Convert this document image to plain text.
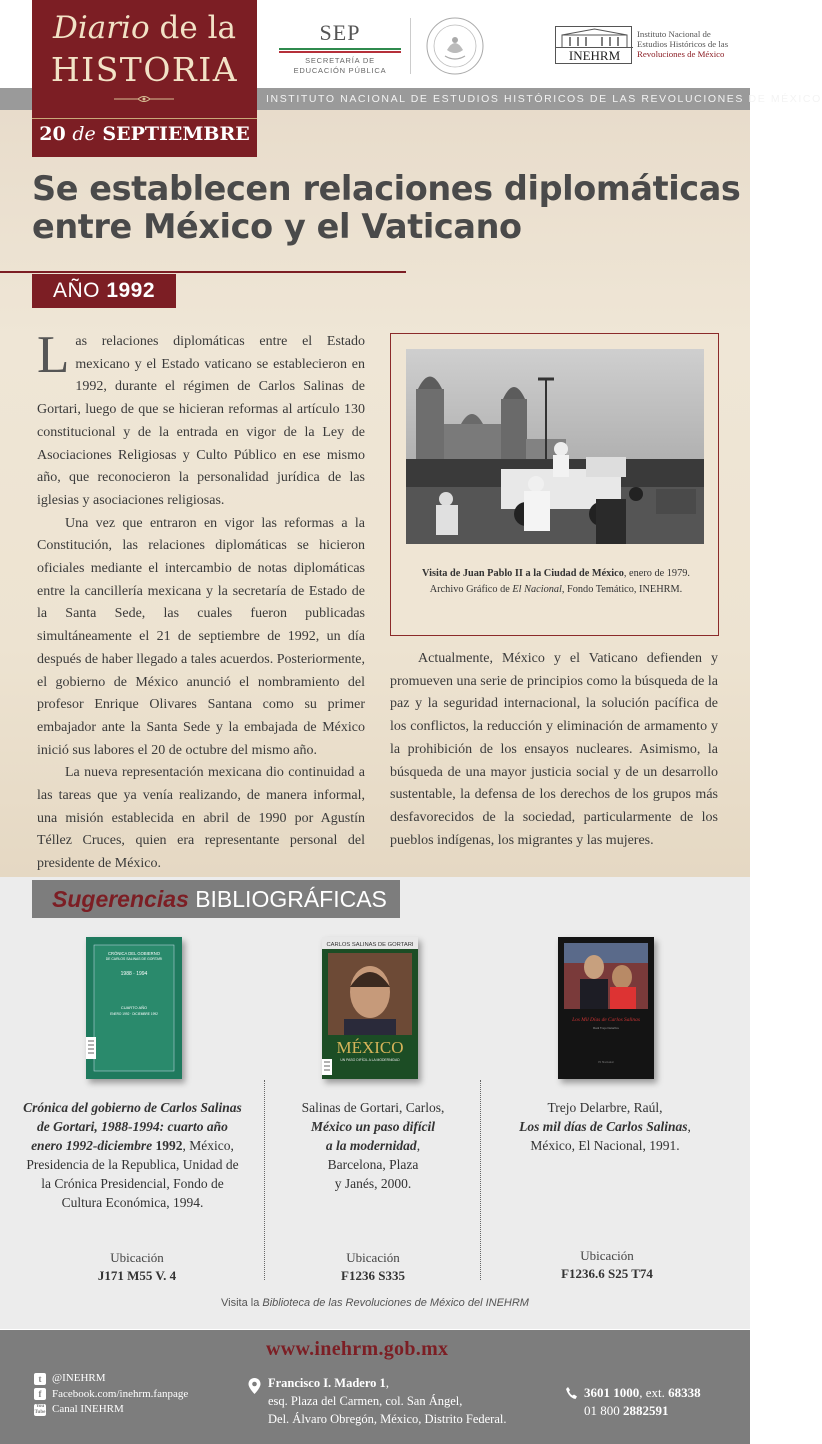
INSTITUTO NACIONAL DE ESTUDIOS HISTÓRICOS DE LAS REVOLUCIONES DE MÉXICO
Diario de la
HISTORIA
20 de SEPTIEMBRE
SEP
SECRETARÍA DE
EDUCACIÓN PÚBLICA
INEHRM
Instituto Nacional de
Estudios Históricos de las
Revoluciones de México
Se establecen relaciones diplomáticas
entre México y el Vaticano
AÑO 1992

Las relaciones diplomáticas entre el Estado mexicano y el Estado vaticano se establecieron en 1992, durante el régimen de Carlos Salinas de Gortari, luego de que se hicieran reformas al artículo 130 constitucional y de la entrada en vigor de la Ley de Asociaciones Religiosas y Culto Público en ese mismo año, que reconocieron la personalidad jurídica de las iglesias y asociaciones religiosas.

Una vez que entraron en vigor las reformas a la Constitución, las relaciones diplomáticas se hicieron oficiales mediante el intercambio de notas diplomáticas entre la cancillería mexicana y la secretaría de Estado de la Santa Sede, las cuales fueron publicadas simultáneamente el 21 de septiembre de 1992, un día después de haber llegado a tales acuerdos. Posteriormente, el gobierno de México anunció el nombramiento del profesor Enrique Olivares Santana como su primer embajador ante la Santa Sede y la embajada de México inició sus labores el 20 de octubre del mismo año.

La nueva representación mexicana dio continuidad a las tareas que ya venía realizando, de manera informal, una misión establecida en abril de 1990 por Agustín Téllez Cruces, quien era representante personal del presidente de México.

Visita de Juan Pablo II a la Ciudad de México, enero de 1979. Archivo Gráfico de El Nacional, Fondo Temático, INEHRM.

Actualmente, México y el Vaticano defienden y promueven una serie de principios como la búsqueda de la paz y la seguridad internacional, la solución pacífica de los conflictos, la reducción y eliminación de armamento y la prohibición de los ensayos nucleares. Asimismo, la búsqueda de una mayor justicia social y de un desarrollo sustentable, la defensa de los derechos de los grupos más desfavorecidos de la sociedad, particularmente de los pueblos indígenas, los migrantes y las mujeres.

Sugerencias BIBLIOGRÁFICAS
CRÓNICA DEL GOBIERNO
DE CARLOS SALINAS DE GORTARI
1988 · 1994
CUARTO AÑO
ENERO 1992 · DICIEMBRE 1992
CARLOS SALINAS DE GORTARI
MÉXICO
UN PASO DIFÍCIL A LA MODERNIDAD
Los Mil Días de Carlos Salinas
Raúl Trejo Delarbre
El Nacional
Crónica del gobierno de Carlos Salinas de Gortari, 1988-1994: cuarto año enero 1992-diciembre 1992, México, Presidencia de la Republica, Unidad de la Crónica Presidencial, Fondo de Cultura Económica, 1994.
Salinas de Gortari, Carlos,
México un paso difícil
a la modernidad,
Barcelona, Plaza
y Janés, 2000.
Trejo Delarbre, Raúl,
Los mil días de Carlos Salinas,
México, El Nacional, 1991.
Ubicación
J171 M55 V. 4
Ubicación
F1236 S335
Ubicación
F1236.6 S25 T74
Visita la Biblioteca de las Revoluciones de México del INEHRM
www.inehrm.gob.mx
t @INEHRM
f Facebook.com/inehrm.fanpage
You Tube Canal INEHRM
Francisco I. Madero 1,
esq. Plaza del Carmen, col. San Ángel,
Del. Álvaro Obregón, México, Distrito Federal.
3601 1000, ext. 68338
01 800 2882591
